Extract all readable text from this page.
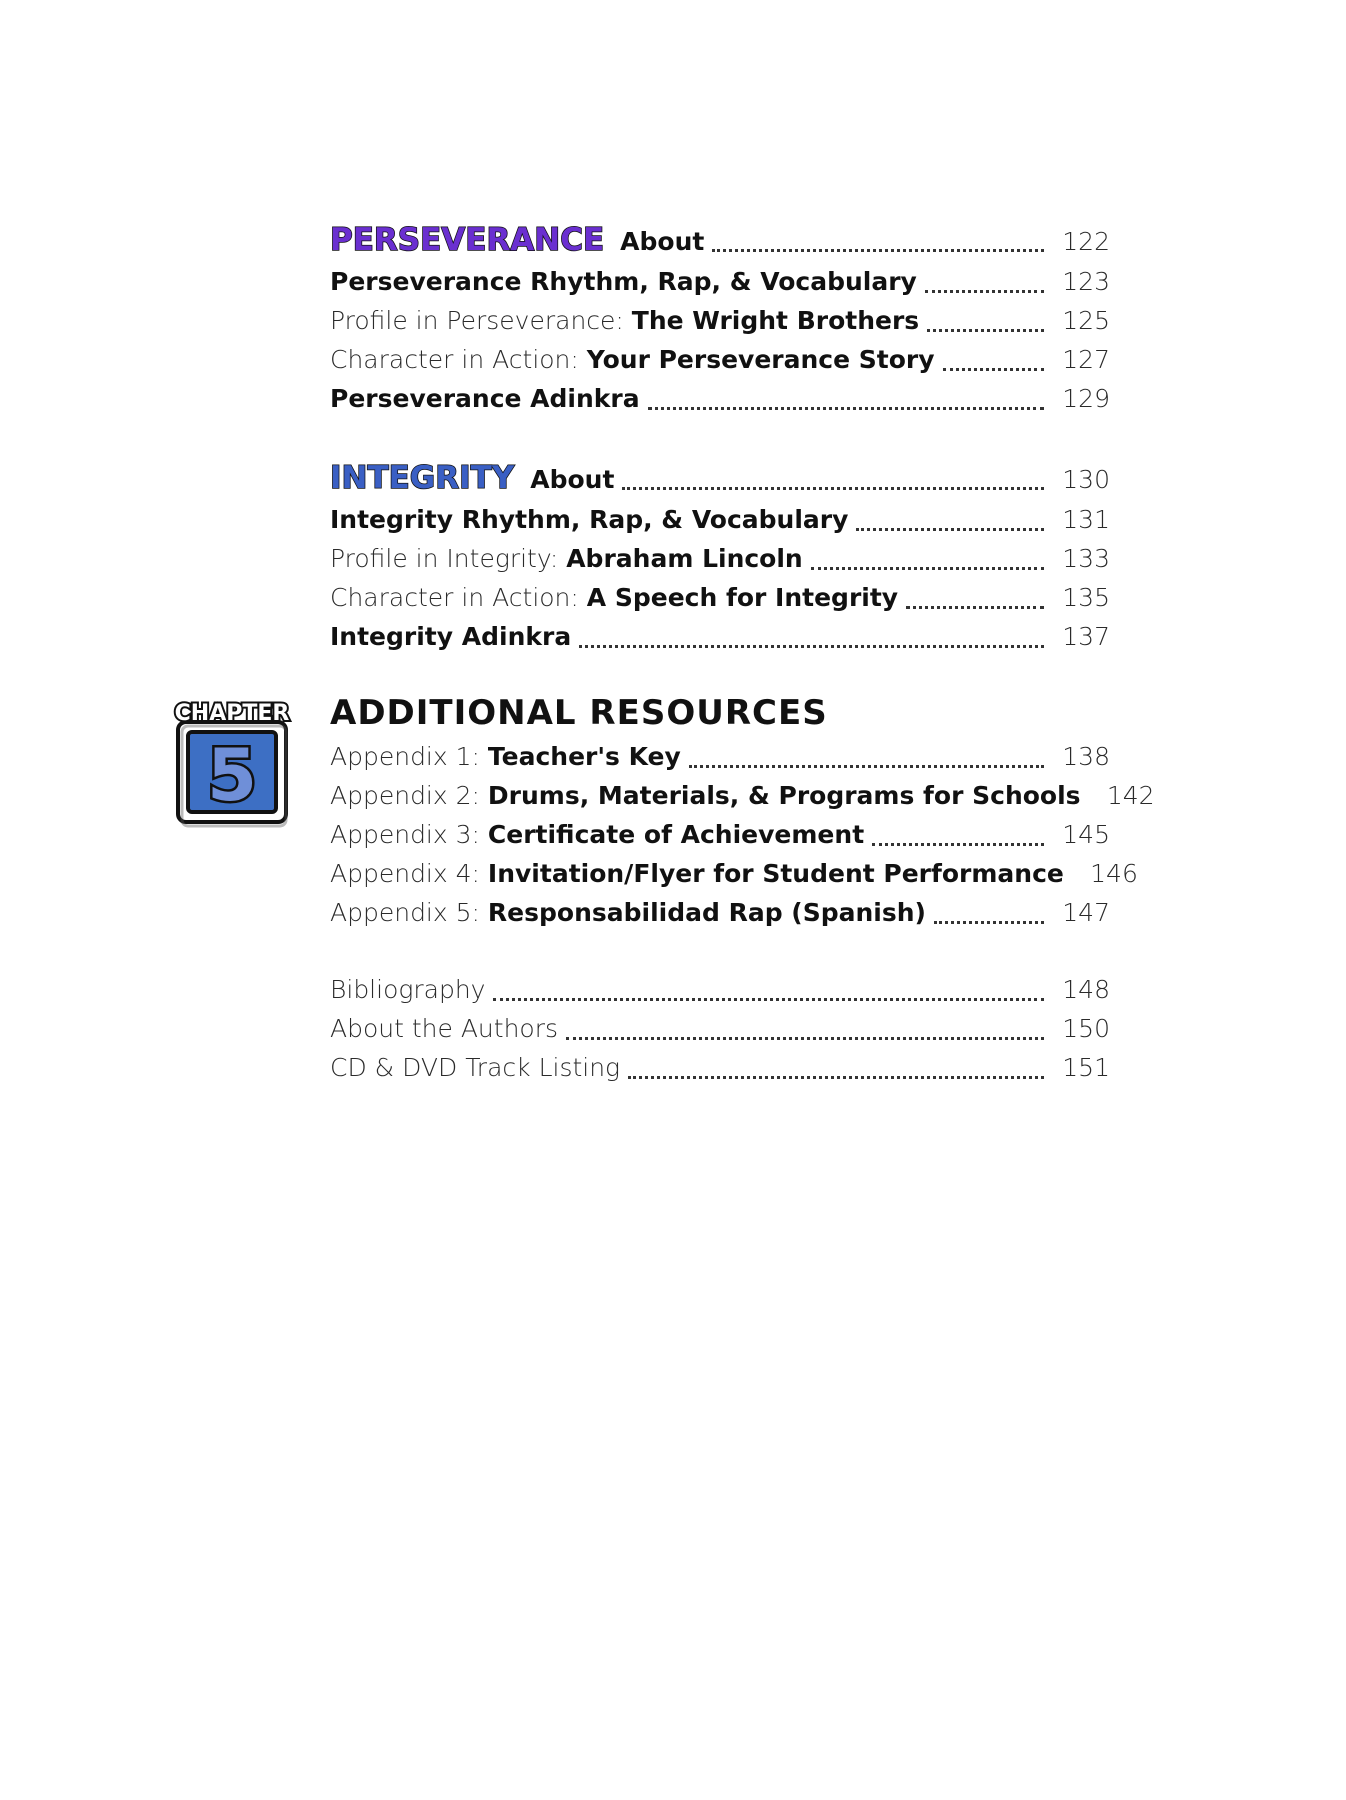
5
CHAPTER
PERSEVERANCE About	122
Perseverance Rhythm, Rap, & Vocabulary	123
Profile in Perseverance: The Wright Brothers	125
Character in Action: Your Perseverance Story	127
Perseverance Adinkra	129
INTEGRITY About	130
Integrity Rhythm, Rap, & Vocabulary	131
Profile in Integrity: Abraham Lincoln	133
Character in Action: A Speech for Integrity	135
Integrity Adinkra	137
ADDITIONAL RESOURCES
Appendix 1: Teacher's Key	138
Appendix 2: Drums, Materials, & Programs for Schools	142
Appendix 3: Certificate of Achievement	145
Appendix 4: Invitation/Flyer for Student Performance	146
Appendix 5: Responsabilidad Rap (Spanish)	147
Bibliography	148
About the Authors	150
CD & DVD Track Listing	151
